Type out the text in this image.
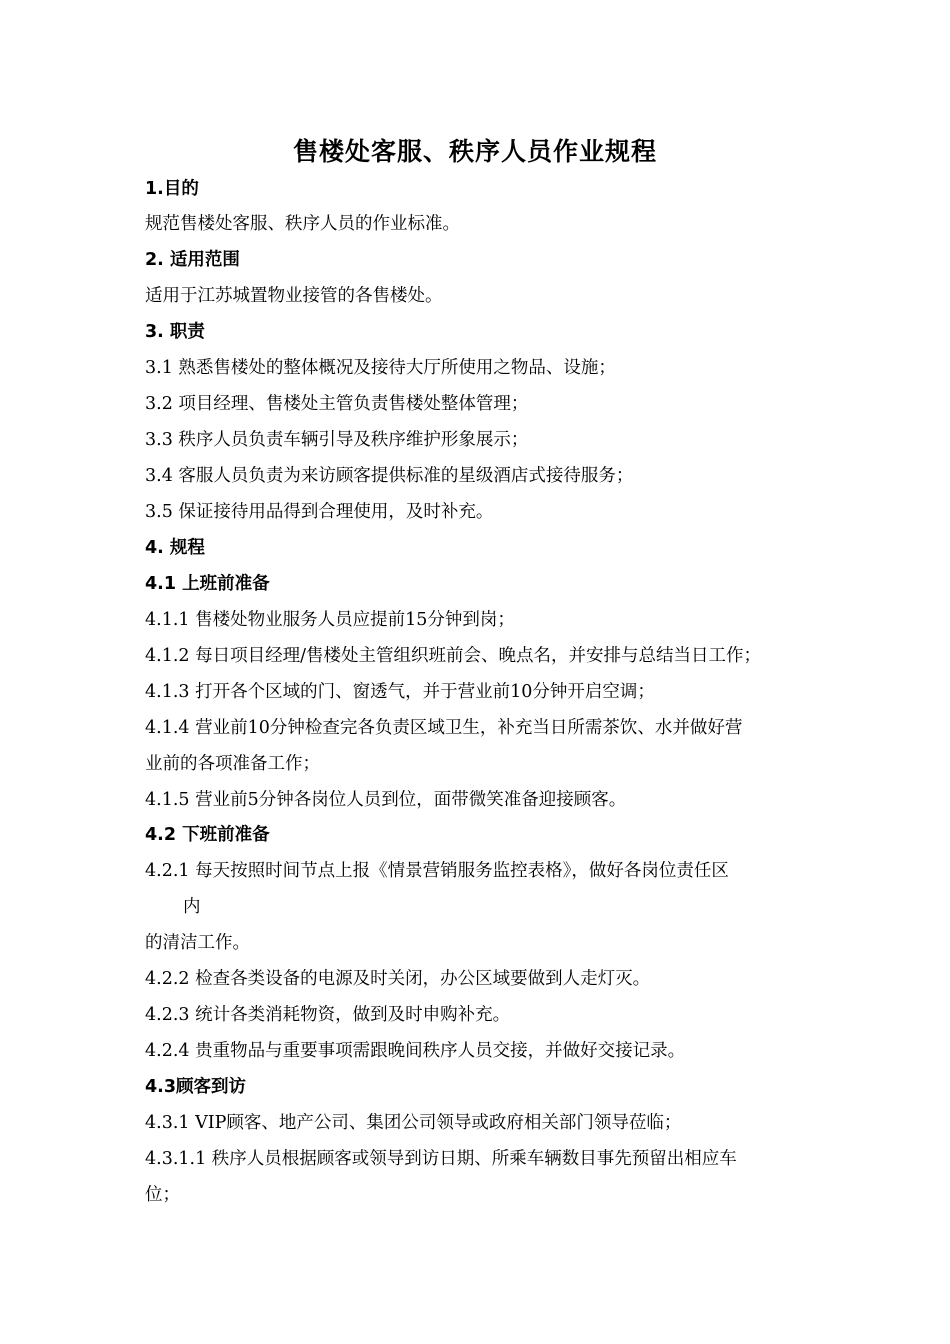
售楼处客服、秩序人员作业规程
1.目的
规范售楼处客服、秩序人员的作业标准。
2. 适用范围
适用于江苏城置物业接管的各售楼处。
3. 职责
3.1 熟悉售楼处的整体概况及接待大厅所使用之物品、设施；
3.2 项目经理、售楼处主管负责售楼处整体管理；
3.3 秩序人员负责车辆引导及秩序维护形象展示；
3.4 客服人员负责为来访顾客提供标准的星级酒店式接待服务；
3.5 保证接待用品得到合理使用，及时补充。
4. 规程
4.1 上班前准备
4.1.1 售楼处物业服务人员应提前15分钟到岗；
4.1.2 每日项目经理/售楼处主管组织班前会、晚点名，并安排与总结当日工作；
4.1.3 打开各个区域的门、窗透气，并于营业前10分钟开启空调；
4.1.4 营业前10分钟检查完各负责区域卫生，补充当日所需茶饮、水并做好营
业前的各项准备工作；
4.1.5 营业前5分钟各岗位人员到位，面带微笑准备迎接顾客。
4.2 下班前准备
4.2.1 每天按照时间节点上报《情景营销服务监控表格》，做好各岗位责任区
内
的清洁工作。
4.2.2 检查各类设备的电源及时关闭，办公区域要做到人走灯灭。
4.2.3 统计各类消耗物资，做到及时申购补充。
4.2.4 贵重物品与重要事项需跟晚间秩序人员交接，并做好交接记录。
4.3顾客到访
4.3.1 VIP顾客、地产公司、集团公司领导或政府相关部门领导莅临；
4.3.1.1 秩序人员根据顾客或领导到访日期、所乘车辆数目事先预留出相应车
位；
